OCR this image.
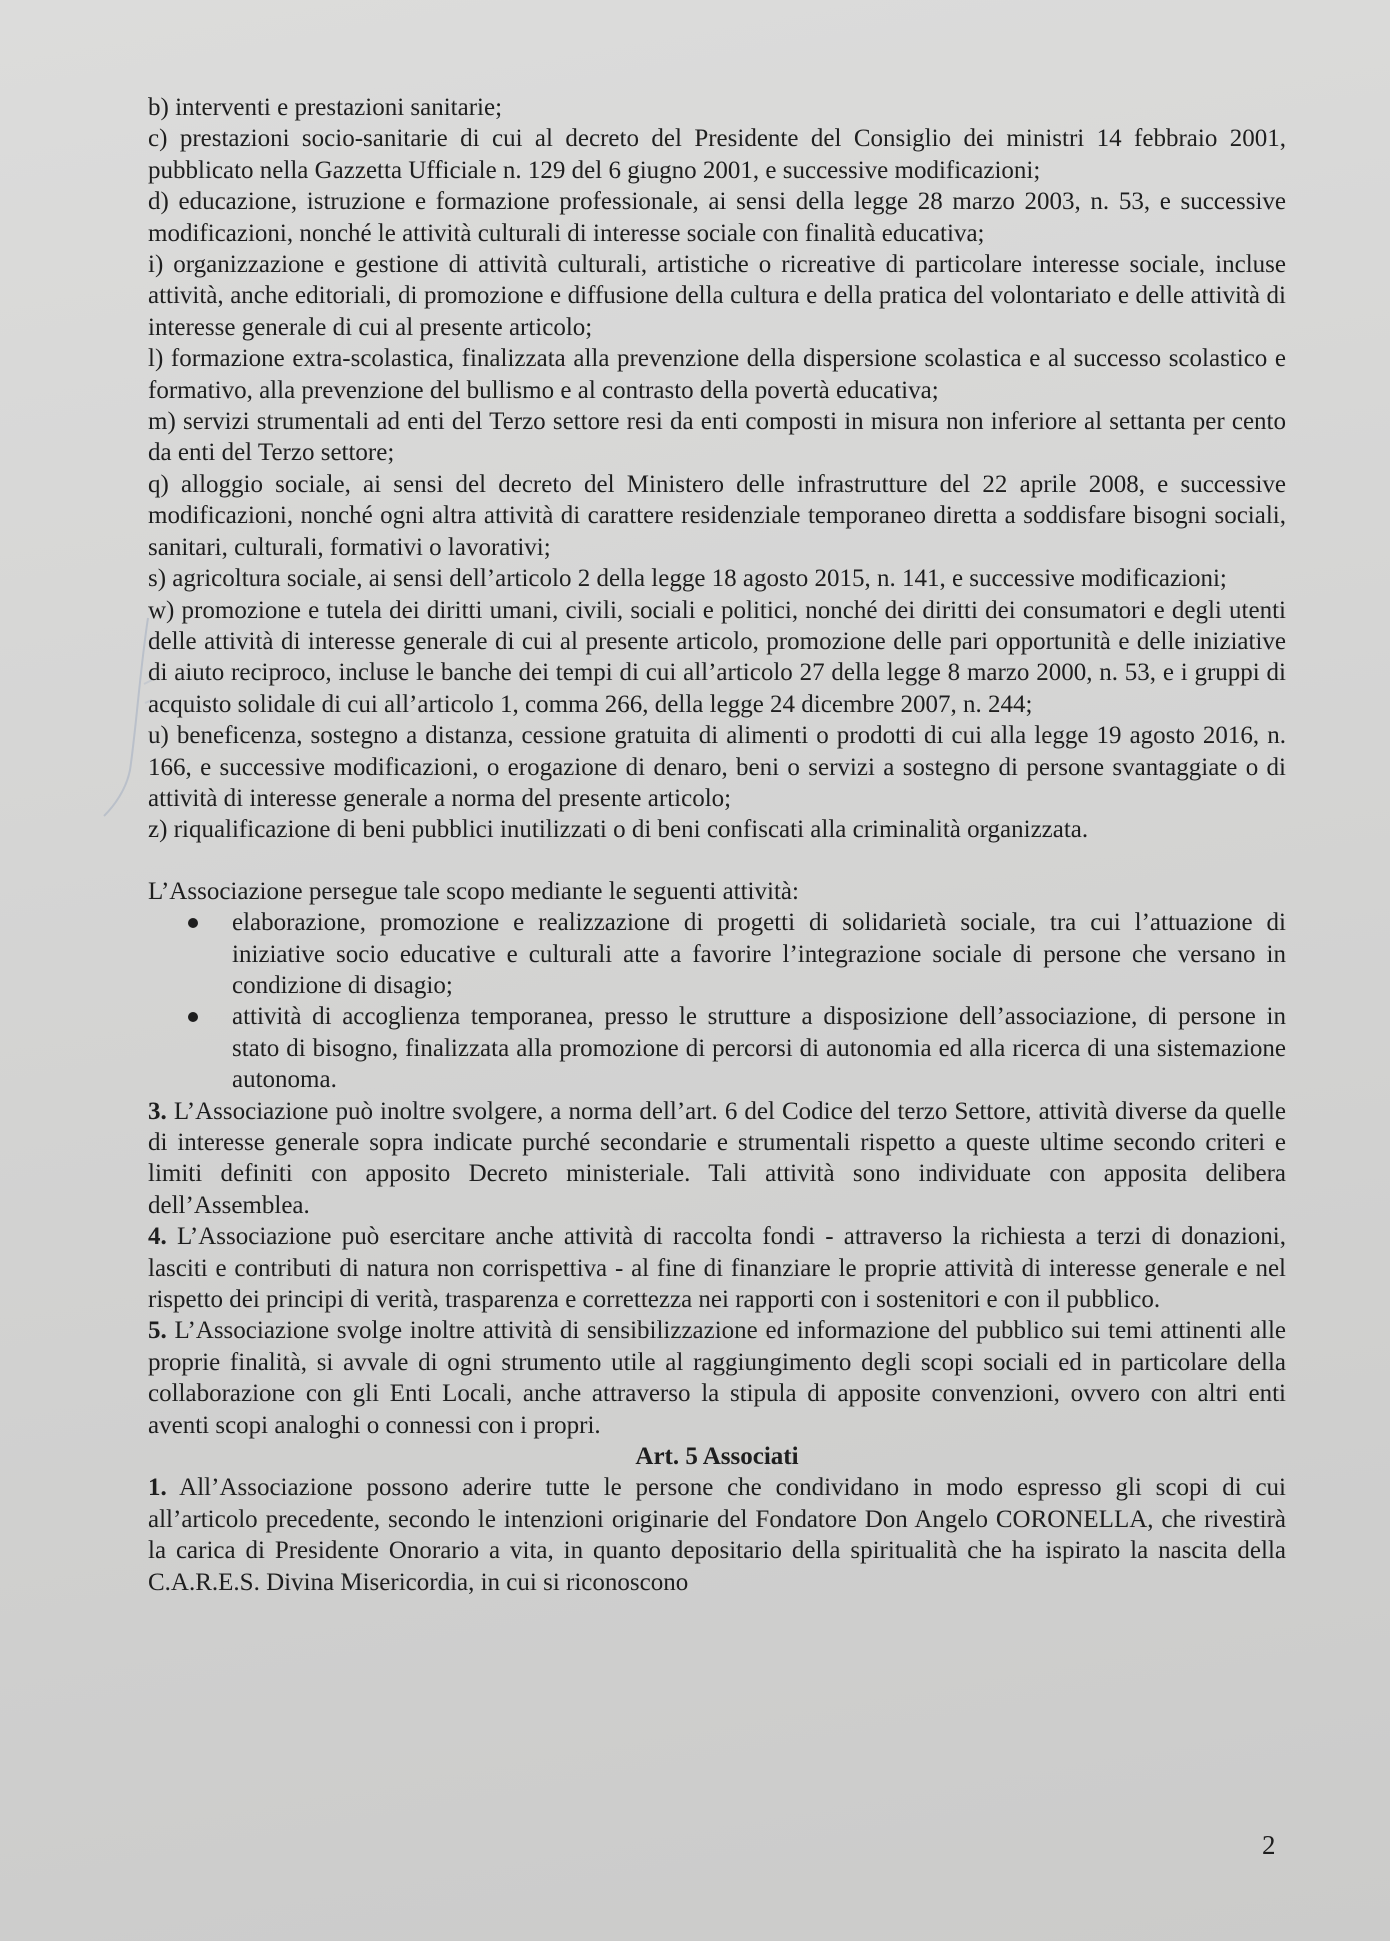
b) interventi e prestazioni sanitarie;

c) prestazioni socio-sanitarie di cui al decreto del Presidente del Consiglio dei ministri 14 febbraio 2001, pubblicato nella Gazzetta Ufficiale n. 129 del 6 giugno 2001, e successive modificazioni;

d) educazione, istruzione e formazione professionale, ai sensi della legge 28 marzo 2003, n. 53, e successive modificazioni, nonché le attività culturali di interesse sociale con finalità educativa;

i) organizzazione e gestione di attività culturali, artistiche o ricreative di particolare interesse sociale, incluse attività, anche editoriali, di promozione e diffusione della cultura e della pratica del volontariato e delle attività di interesse generale di cui al presente articolo;

l) formazione extra-scolastica, finalizzata alla prevenzione della dispersione scolastica e al successo scolastico e formativo, alla prevenzione del bullismo e al contrasto della povertà educativa;

m) servizi strumentali ad enti del Terzo settore resi da enti composti in misura non inferiore al settanta per cento da enti del Terzo settore;

q) alloggio sociale, ai sensi del decreto del Ministero delle infrastrutture del 22 aprile 2008, e successive modificazioni, nonché ogni altra attività di carattere residenziale temporaneo diretta a soddisfare bisogni sociali, sanitari, culturali, formativi o lavorativi;

s) agricoltura sociale, ai sensi dell’articolo 2 della legge 18 agosto 2015, n. 141, e successive modificazioni;

w) promozione e tutela dei diritti umani, civili, sociali e politici, nonché dei diritti dei consumatori e degli utenti delle attività di interesse generale di cui al presente articolo, promozione delle pari opportunità e delle iniziative di aiuto reciproco, incluse le banche dei tempi di cui all’articolo 27 della legge 8 marzo 2000, n. 53, e i gruppi di acquisto solidale di cui all’articolo 1, comma 266, della legge 24 dicembre 2007, n. 244;

u) beneficenza, sostegno a distanza, cessione gratuita di alimenti o prodotti di cui alla legge 19 agosto 2016, n. 166, e successive modificazioni, o erogazione di denaro, beni o servizi a sostegno di persone svantaggiate o di attività di interesse generale a norma del presente articolo;

z) riqualificazione di beni pubblici inutilizzati o di beni confiscati alla criminalità organizzata.

L’Associazione persegue tale scopo mediante le seguenti attività:

elaborazione, promozione e realizzazione di progetti di solidarietà sociale, tra cui l’attuazione di iniziative socio educative e culturali atte a favorire l’integrazione sociale di persone che versano in condizione di disagio;
attività di accoglienza temporanea, presso le strutture a disposizione dell’associazione, di persone in stato di bisogno, finalizzata alla promozione di percorsi di autonomia ed alla ricerca di una sistemazione autonoma.

3. L’Associazione può inoltre svolgere, a norma dell’art. 6 del Codice del terzo Settore, attività diverse da quelle di interesse generale sopra indicate purché secondarie e strumentali rispetto a queste ultime secondo criteri e limiti definiti con apposito Decreto ministeriale. Tali attività sono individuate con apposita delibera dell’Assemblea.

4. L’Associazione può esercitare anche attività di raccolta fondi - attraverso la richiesta a terzi di donazioni, lasciti e contributi di natura non corrispettiva - al fine di finanziare le proprie attività di interesse generale e nel rispetto dei principi di verità, trasparenza e correttezza nei rapporti con i sostenitori e con il pubblico.

5. L’Associazione svolge inoltre attività di sensibilizzazione ed informazione del pubblico sui temi attinenti alle proprie finalità, si avvale di ogni strumento utile al raggiungimento degli scopi sociali ed in particolare della collaborazione con gli Enti Locali, anche attraverso la stipula di apposite convenzioni, ovvero con altri enti aventi scopi analoghi o connessi con i propri.

Art. 5 Associati

1. All’Associazione possono aderire tutte le persone che condividano in modo espresso gli scopi di cui all’articolo precedente, secondo le intenzioni originarie del Fondatore Don Angelo CORONELLA, che rivestirà la carica di Presidente Onorario a vita, in quanto depositario della spiritualità che ha ispirato la nascita della C.A.R.E.S. Divina Misericordia, in cui si riconoscono

2
